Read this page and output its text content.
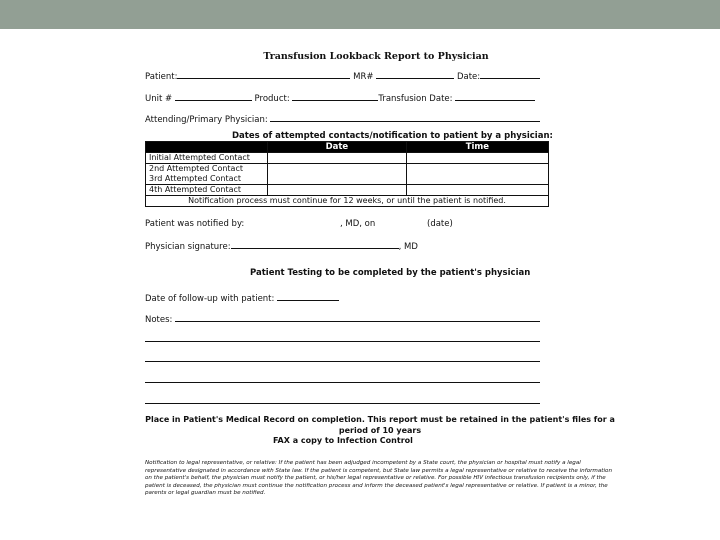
Transfusion Lookback Report to Physician
Patient:	MR#	Date:
Unit #	Product:	Transfusion Date:
Attending/Primary Physician:
Dates of attempted contacts/notification to patient by a physician:
	Date	Time
Initial Attempted Contact		
2nd Attempted Contact
3rd Attempted Contact		
4th Attempted Contact		
Notification process must continue for 12 weeks, or until the patient is notified.		
Patient was notified by:	, MD, on	(date)
Physician signature:	, MD
Patient Testing to be completed by the patient's physician
Date of follow-up with patient:
Notes:
Place in Patient's Medical Record on completion. This report must be retained in the patient's files for a
period of 10 years
FAX a copy to Infection Control
Notification to legal representative, or relative: If the patient has been adjudged incompetent by a State court, the physician or hospital must notify a legal representative designated in accordance with State law. If the patient is competent, but State law permits a legal representative or relative to receive the information on the patient's behalf, the physician must notify the patient, or his/her legal representative or relative. For possible HIV infectious transfusion recipients only, if the patient is deceased, the physician must continue the notification process and inform the deceased patient's legal representative or relative. If patient is a minor, the parents or legal guardian must be notified.
